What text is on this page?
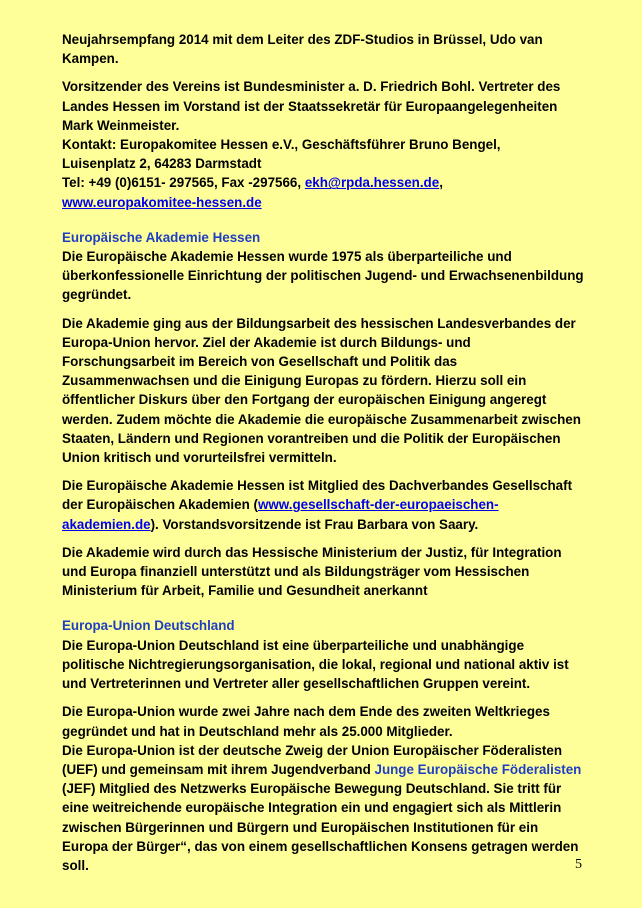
Neujahrsempfang 2014 mit dem Leiter des ZDF-Studios in Brüssel, Udo van Kampen.

Vorsitzender des Vereins ist Bundesminister a. D. Friedrich Bohl. Vertreter des Landes Hessen im Vorstand ist der Staatssekretär für Europaangelegenheiten Mark Weinmeister.
Kontakt: Europakomitee Hessen e.V., Geschäftsführer Bruno Bengel,
Luisenplatz 2, 64283 Darmstadt
Tel: +49 (0)6151- 297565, Fax -297566, ekh@rpda.hessen.de,
www.europakomitee-hessen.de

Europäische Akademie Hessen

Die Europäische Akademie Hessen wurde 1975 als überparteiliche und überkonfessionelle Einrichtung der politischen Jugend- und Erwachsenenbildung gegründet.

Die Akademie ging aus der Bildungsarbeit des hessischen Landesverbandes der Europa-Union hervor. Ziel der Akademie ist durch Bildungs- und Forschungsarbeit im Bereich von Gesellschaft und Politik das Zusammenwachsen und die Einigung Europas zu fördern. Hierzu soll ein öffentlicher Diskurs über den Fortgang der europäischen Einigung angeregt werden. Zudem möchte die Akademie die europäische Zusammenarbeit zwischen Staaten, Ländern und Regionen vorantreiben und die Politik der Europäischen Union kritisch und vorurteilsfrei vermitteln.

Die Europäische Akademie Hessen ist Mitglied des Dachverbandes Gesellschaft der Europäischen Akademien (www.gesellschaft-der-europaeischen-akademien.de). Vorstandsvorsitzende ist Frau Barbara von Saary.

Die Akademie wird durch das Hessische Ministerium der Justiz, für Integration und Europa finanziell unterstützt und als Bildungsträger vom Hessischen Ministerium für Arbeit, Familie und Gesundheit anerkannt

Europa-Union Deutschland

Die Europa-Union Deutschland ist eine überparteiliche und unabhängige politische Nichtregierungsorganisation, die lokal, regional und national aktiv ist und Vertreterinnen und Vertreter aller gesellschaftlichen Gruppen vereint.

Die Europa-Union wurde zwei Jahre nach dem Ende des zweiten Weltkrieges gegründet und hat in Deutschland mehr als 25.000 Mitglieder.
Die Europa-Union ist der deutsche Zweig der Union Europäischer Föderalisten (UEF) und gemeinsam mit ihrem Jugendverband Junge Europäische Föderalisten (JEF) Mitglied des Netzwerks Europäische Bewegung Deutschland. Sie tritt für eine weitreichende europäische Integration ein und engagiert sich als Mittlerin zwischen Bürgerinnen und Bürgern und Europäischen Institutionen für ein Europa der Bürger“, das von einem gesellschaftlichen Konsens getragen werden soll.	5
